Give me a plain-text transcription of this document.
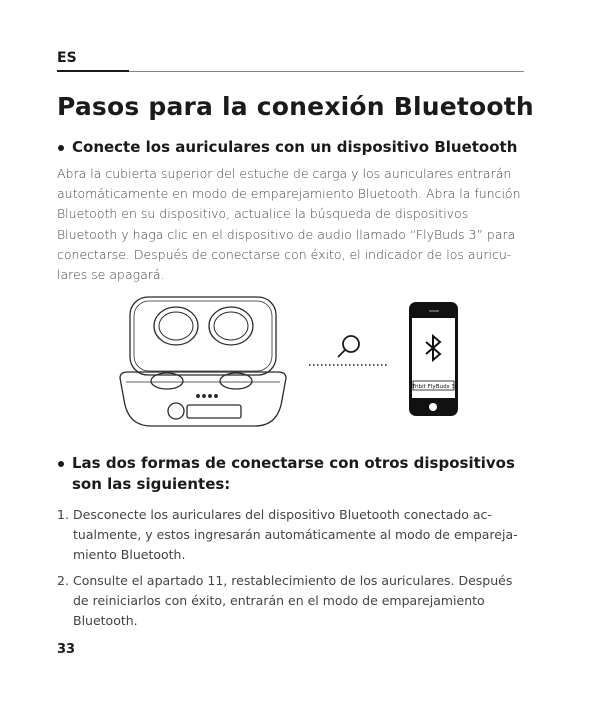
ES
Pasos para la conexión Bluetooth
Conecte los auriculares con un dispositivo Bluetooth

Abra la cubierta superior del estuche de carga y los auriculares entrarán automáticamente en modo de emparejamiento Bluetooth. Abra la función Bluetooth en su dispositivo, actualice la búsqueda de dispositivos Bluetooth y haga clic en el dispositivo de audio llamado “FlyBuds 3” para conectarse. Después de conectarse con éxito, el indicador de los auricu-lares se apagará.

Tribit FlyBuds 3
Las dos formas de conectarse con otros dispositivos son las siguientes:
1. Desconecte los auriculares del dispositivo Bluetooth conectado ac-tualmente, y estos ingresarán automáticamente al modo de empareja-miento Bluetooth.
2. Consulte el apartado 11, restablecimiento de los auriculares. Después de reiniciarlos con éxito, entrarán en el modo de emparejamiento Bluetooth.
33
